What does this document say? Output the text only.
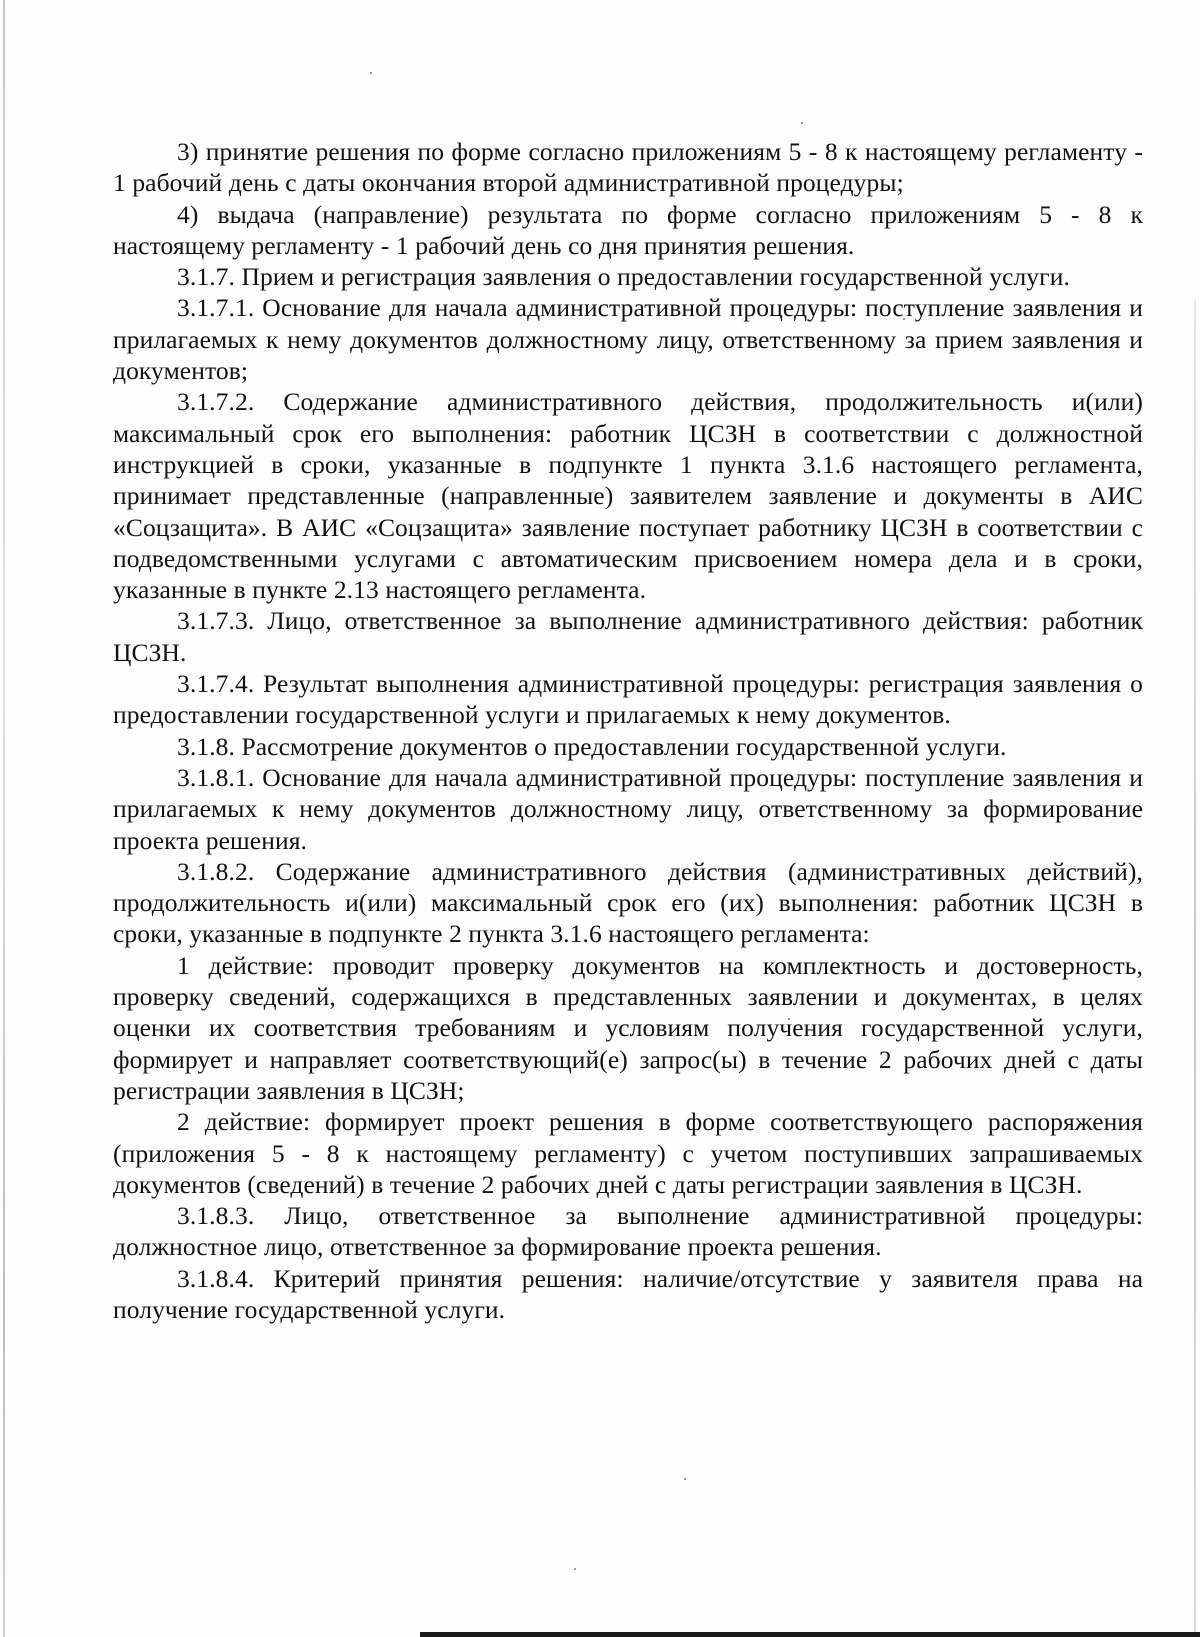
3) принятие решения по форме согласно приложениям 5 - 8 к настоящему регламенту - 1 рабочий день с даты окончания второй административной процедуры;

4) выдача (направление) результата по форме согласно приложениям 5 - 8 к настоящему регламенту - 1 рабочий день со дня принятия решения.

3.1.7. Прием и регистрация заявления о предоставлении государственной услуги.

3.1.7.1. Основание для начала административной процедуры: поступление заявления и прилагаемых к нему документов должностному лицу, ответственному за прием заявления и документов;

3.1.7.2. Содержание административного действия, продолжительность и(или) максимальный срок его выполнения: работник ЦСЗН в соответствии с должностной инструкцией в сроки, указанные в подпункте 1 пункта 3.1.6 настоящего регламента, принимает представленные (направленные) заявителем заявление и документы в АИС «Соцзащита». В АИС «Соцзащита» заявление поступает работнику ЦСЗН в соответствии с подведомственными услугами с автоматическим присвоением номера дела и в сроки, указанные в пункте 2.13 настоящего регламента.

3.1.7.3. Лицо, ответственное за выполнение административного действия: работник ЦСЗН.

3.1.7.4. Результат выполнения административной процедуры: регистрация заявления о предоставлении государственной услуги и прилагаемых к нему документов.

3.1.8. Рассмотрение документов о предоставлении государственной услуги.

3.1.8.1. Основание для начала административной процедуры: поступление заявления и прилагаемых к нему документов должностному лицу, ответственному за формирование проекта решения.

3.1.8.2. Содержание административного действия (административных действий), продолжительность и(или) максимальный срок его (их) выполнения: работник ЦСЗН в сроки, указанные в подпункте 2 пункта 3.1.6 настоящего регламента:

1 действие: проводит проверку документов на комплектность и достоверность, проверку сведений, содержащихся в представленных заявлении и документах, в целях оценки их соответствия требованиям и условиям получения государственной услуги, формирует и направляет соответствующий(е) запрос(ы) в течение 2 рабочих дней с даты регистрации заявления в ЦСЗН;

2 действие: формирует проект решения в форме соответствующего распоряжения (приложения 5 - 8 к настоящему регламенту) с учетом поступивших запрашиваемых документов (сведений) в течение 2 рабочих дней с даты регистрации заявления в ЦСЗН.

3.1.8.3. Лицо, ответственное за выполнение административной процедуры: должностное лицо, ответственное за формирование проекта решения.

3.1.8.4. Критерий принятия решения: наличие/отсутствие у заявителя права на получение государственной услуги.
